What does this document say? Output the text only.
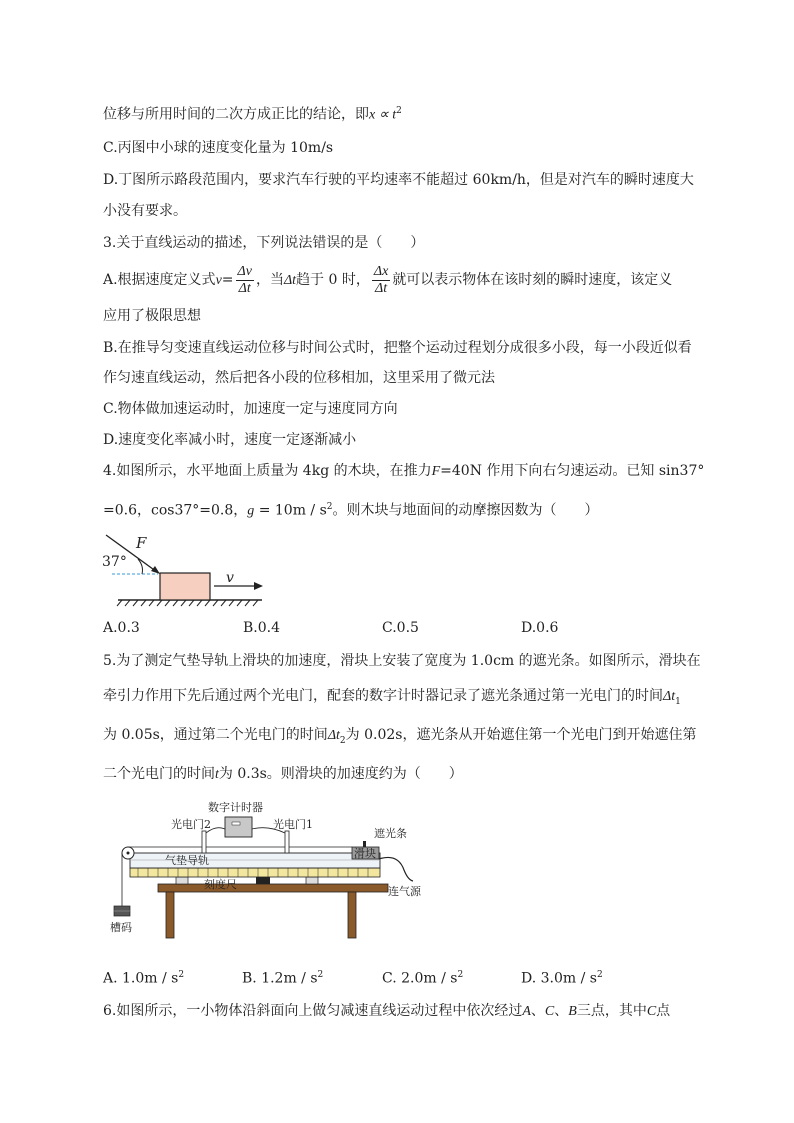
位移与所用时间的二次方成正比的结论，即$x \propto t^2$
C.丙图中小球的速度变化量为 10m/s
D.丁图所示路段范围内，要求汽车行驶的平均速率不能超过 60km/h，但是对汽车的瞬时速度大
小没有要求。
3.关于直线运动的描述，下列说法错误的是（　　）
A.根据速度定义式$v= \frac{\Delta v}{\Delta t}$ ，当Δt趋于 0 时， $\frac{\Delta x}{\Delta t}$ 就可以表示物体在该时刻的瞬时速度，该定义
应用了极限思想
B.在推导匀变速直线运动位移与时间公式时，把整个运动过程划分成很多小段，每一小段近似看
作匀速直线运动，然后把各小段的位移相加，这里采用了微元法
C.物体做加速运动时，加速度一定与速度同方向
D.速度变化率减小时，速度一定逐渐减小
4.如图所示，水平地面上质量为 4kg 的木块，在推力F=40N 作用下向右匀速运动。已知 sin37°
=0.6，cos37°=0.8，$g = 10m / s^2$。则木块与地面间的动摩擦因数为（　　）
37°
F
v
A.0.3	B.0.4	C.0.5	D.0.6
5.为了测定气垫导轨上滑块的加速度，滑块上安装了宽度为 1.0cm 的遮光条。如图所示，滑块在
牵引力作用下先后通过两个光电门，配套的数字计时器记录了遮光条通过第一光电门的时间$\Delta t_1$
为 0.05s，通过第二个光电门的时间$\Delta t_2$为 0.02s，遮光条从开始遮住第一个光电门到开始遮住第
二个光电门的时间t为 0.3s。则滑块的加速度约为（　　）
数字计时器
光电门2	光电门1
遮光条
气垫导轨
滑块
刻度尺
连气源
槽码
A. $1.0m / s^2$	B. $1.2m / s^2$	C. $2.0m / s^2$	D. $3.0m / s^2$
6.如图所示，一小物体沿斜面向上做匀减速直线运动过程中依次经过A、C、B三点，其中C点
